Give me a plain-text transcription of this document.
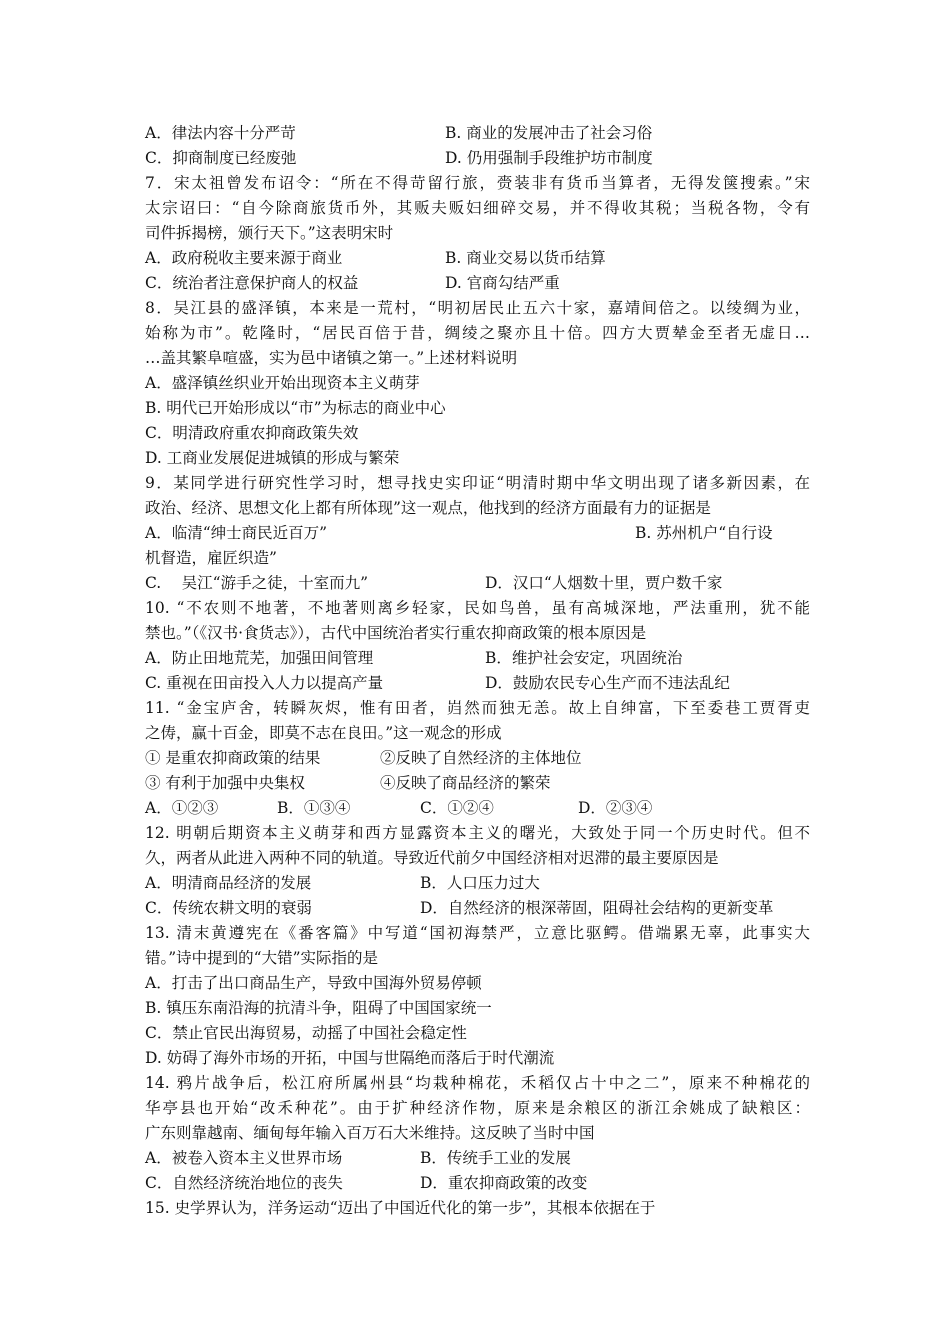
A．律法内容十分严苛	B. 商业的发展冲击了社会习俗
C．抑商制度已经废弛	D. 仍用强制手段维护坊市制度
7．宋太祖曾发布诏令：“所在不得苛留行旅，赍装非有货币当算者，无得发箧搜索。”宋
太宗诏曰：“自今除商旅货币外，其贩夫贩妇细碎交易，并不得收其税；当税各物，令有
司件拆揭榜，颁行天下。”这表明宋时
A．政府税收主要来源于商业	B. 商业交易以货币结算
C．统治者注意保护商人的权益	D. 官商勾结严重
8．吴江县的盛泽镇，本来是一荒村，“明初居民止五六十家，嘉靖间倍之。以绫绸为业，
始称为市”。乾隆时，“居民百倍于昔，绸绫之聚亦且十倍。四方大贾辇金至者无虚日…
…盖其繁阜喧盛，实为邑中诸镇之第一。”上述材料说明
A．盛泽镇丝织业开始出现资本主义萌芽
B. 明代已开始形成以“市”为标志的商业中心
C．明清政府重农抑商政策失效
D. 工商业发展促进城镇的形成与繁荣
9．某同学进行研究性学习时，想寻找史实印证“明清时期中华文明出现了诸多新因素，在
政治、经济、思想文化上都有所体现”这一观点，他找到的经济方面最有力的证据是
A．临清“绅士商民近百万”	B. 苏州机户“自行设
机督造，雇匠织造”
C.　 吴江“游手之徒，十室而九”	D．汉口“人烟数十里，贾户数千家
10. “不农则不地著，不地著则离乡轻家，民如鸟兽，虽有高城深地，严法重刑，犹不能
禁也。”（《汉书·食货志》），古代中国统治者实行重农抑商政策的根本原因是
A．防止田地荒芜，加强田间管理	B．维护社会安定，巩固统治
C. 重视在田亩投入人力以提高产量	D．鼓励农民专心生产而不违法乱纪
11. “金宝庐舍，转瞬灰烬，惟有田者，岿然而独无恙。故上自绅富，下至委巷工贾胥吏
之俦，赢十百金，即莫不志在良田。”这一观念的形成
① 是重农抑商政策的结果	②反映了自然经济的主体地位
③ 有利于加强中央集权	④反映了商品经济的繁荣
A．①②③	B．①③④	C．①②④	D．②③④
12. 明朝后期资本主义萌芽和西方显露资本主义的曙光，大致处于同一个历史时代。但不
久，两者从此进入两种不同的轨道。导致近代前夕中国经济相对迟滞的最主要原因是
A．明清商品经济的发展	B．人口压力过大
C．传统农耕文明的衰弱	D．自然经济的根深蒂固，阻碍社会结构的更新变革
13. 清末黄遵宪在《番客篇》中写道“国初海禁严，立意比驱鳄。借端累无辜，此事实大
错。”诗中提到的“大错”实际指的是
A．打击了出口商品生产，导致中国海外贸易停顿
B. 镇压东南沿海的抗清斗争，阻碍了中国国家统一
C．禁止官民出海贸易，动摇了中国社会稳定性
D. 妨碍了海外市场的开拓，中国与世隔绝而落后于时代潮流
14. 鸦片战争后，松江府所属州县“均栽种棉花，禾稻仅占十中之二”，原来不种棉花的
华亭县也开始“改禾种花”。由于扩种经济作物，原来是余粮区的浙江余姚成了缺粮区：
广东则靠越南、缅甸每年输入百万石大米维持。这反映了当时中国
A．被卷入资本主义世界市场	B．传统手工业的发展
C．自然经济统治地位的丧失	D．重农抑商政策的改变
15. 史学界认为，洋务运动“迈出了中国近代化的第一步”，其根本依据在于
